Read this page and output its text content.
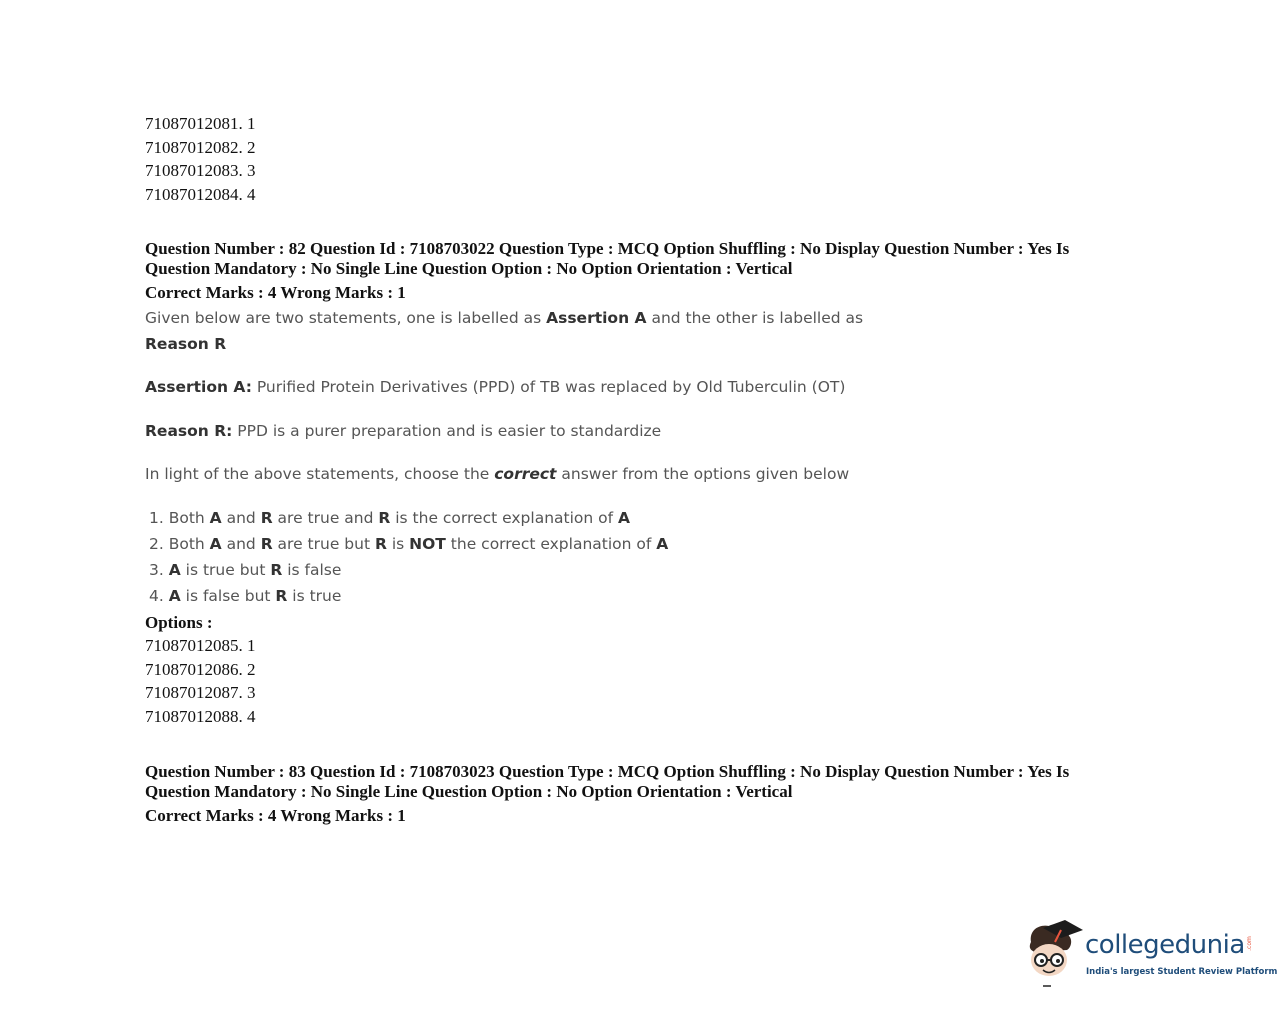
71087012081. 1
71087012082. 2
71087012083. 3
71087012084. 4
Question Number : 82 Question Id : 7108703022 Question Type : MCQ Option Shuffling : No Display Question Number : Yes Is
Question Mandatory : No Single Line Question Option : No Option Orientation : Vertical
Correct Marks : 4 Wrong Marks : 1
Given below are two statements, one is labelled as Assertion A and the other is labelled as
Reason R
Assertion A: Purified Protein Derivatives (PPD) of TB was replaced by Old Tuberculin (OT)
Reason R: PPD is a purer preparation and is easier to standardize
In light of the above statements, choose the correct answer from the options given below
1. Both A and R are true and R is the correct explanation of A
2. Both A and R are true but R is NOT the correct explanation of A
3. A is true but R is false
4. A is false but R is true
Options :
71087012085. 1
71087012086. 2
71087012087. 3
71087012088. 4
Question Number : 83 Question Id : 7108703023 Question Type : MCQ Option Shuffling : No Display Question Number : Yes Is
Question Mandatory : No Single Line Question Option : No Option Orientation : Vertical
Correct Marks : 4 Wrong Marks : 1
collegedunia .com
India's largest Student Review Platform
